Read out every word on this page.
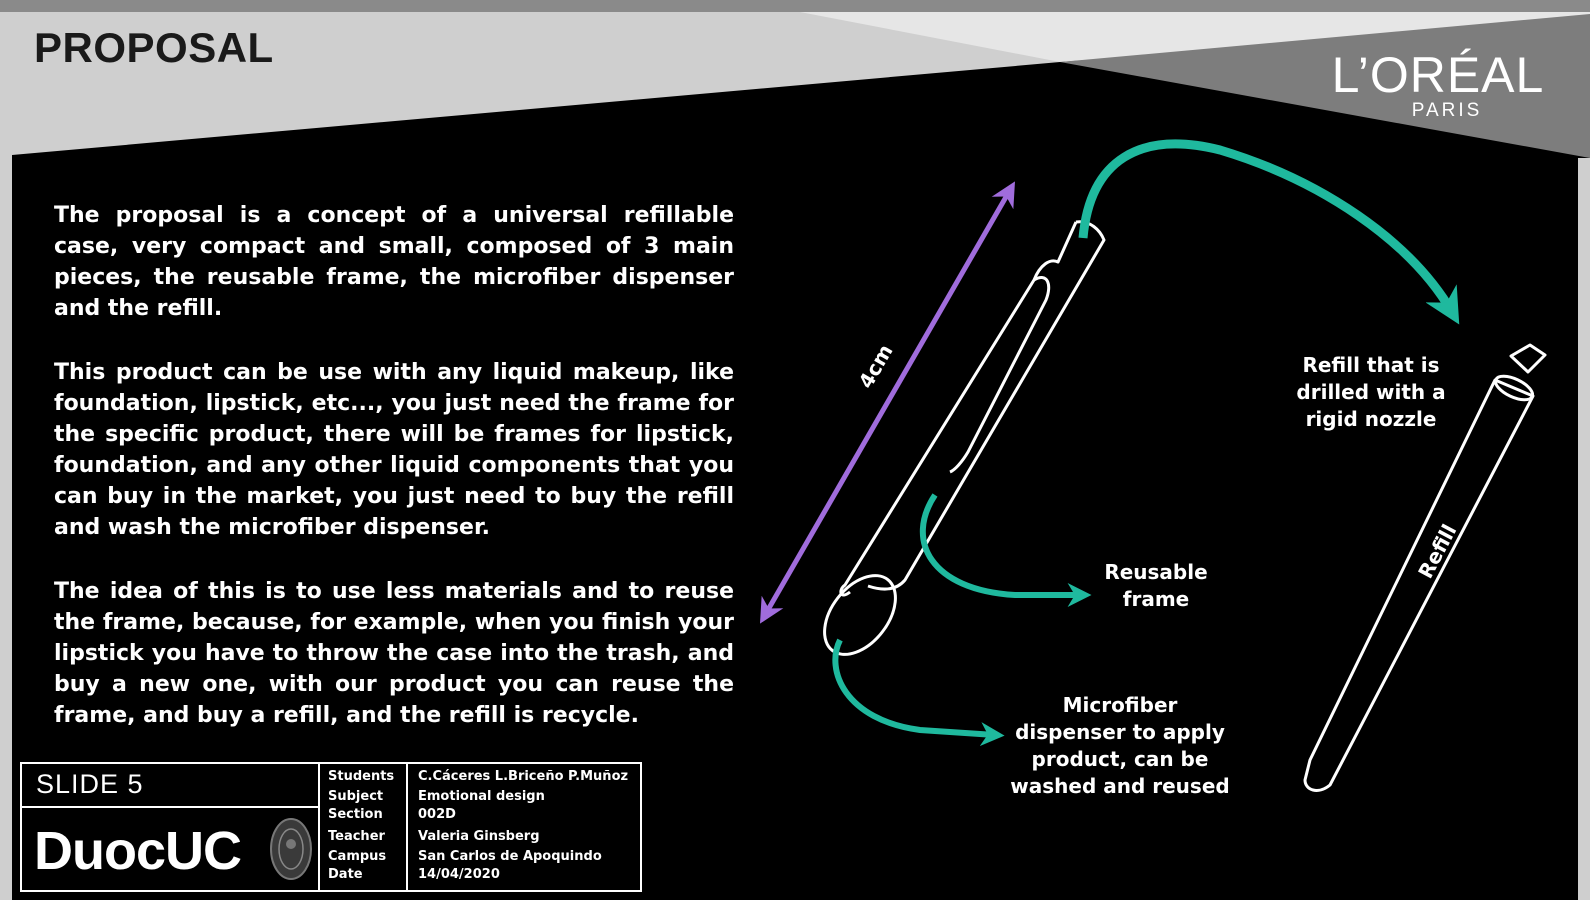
PROPOSAL	L’ORÉAL
PARIS

The proposal is a concept of a universal refillable case, very compact and small, composed of 3 main pieces, the reusable frame, the microfiber dispenser and the refill.

This product can be use with any liquid makeup, like foundation, lipstick, etc..., you just need the frame for the specific product, there will be frames for lipstick, foundation, and any other liquid components that you can buy in the market, you just need to buy the refill and wash the microfiber dispenser.

The idea of this is to use less materials and to reuse the frame, because, for example, when you finish your lipstick you have to throw the case into the trash, and buy a new one, with our product you can reuse the frame, and buy a refill, and the refill is recycle.

4cm
Refill
Refill that is drilled with a rigid nozzle
Reusable frame
Microfiber dispenser to apply product, can be washed and reused
SLIDE 5
DuocUC
Students
Subject
Section
Teacher
Campus
Date
C.Cáceres L.Briceño P.Muñoz
Emotional design
002D
Valeria Ginsberg
San Carlos de Apoquindo
14/04/2020
